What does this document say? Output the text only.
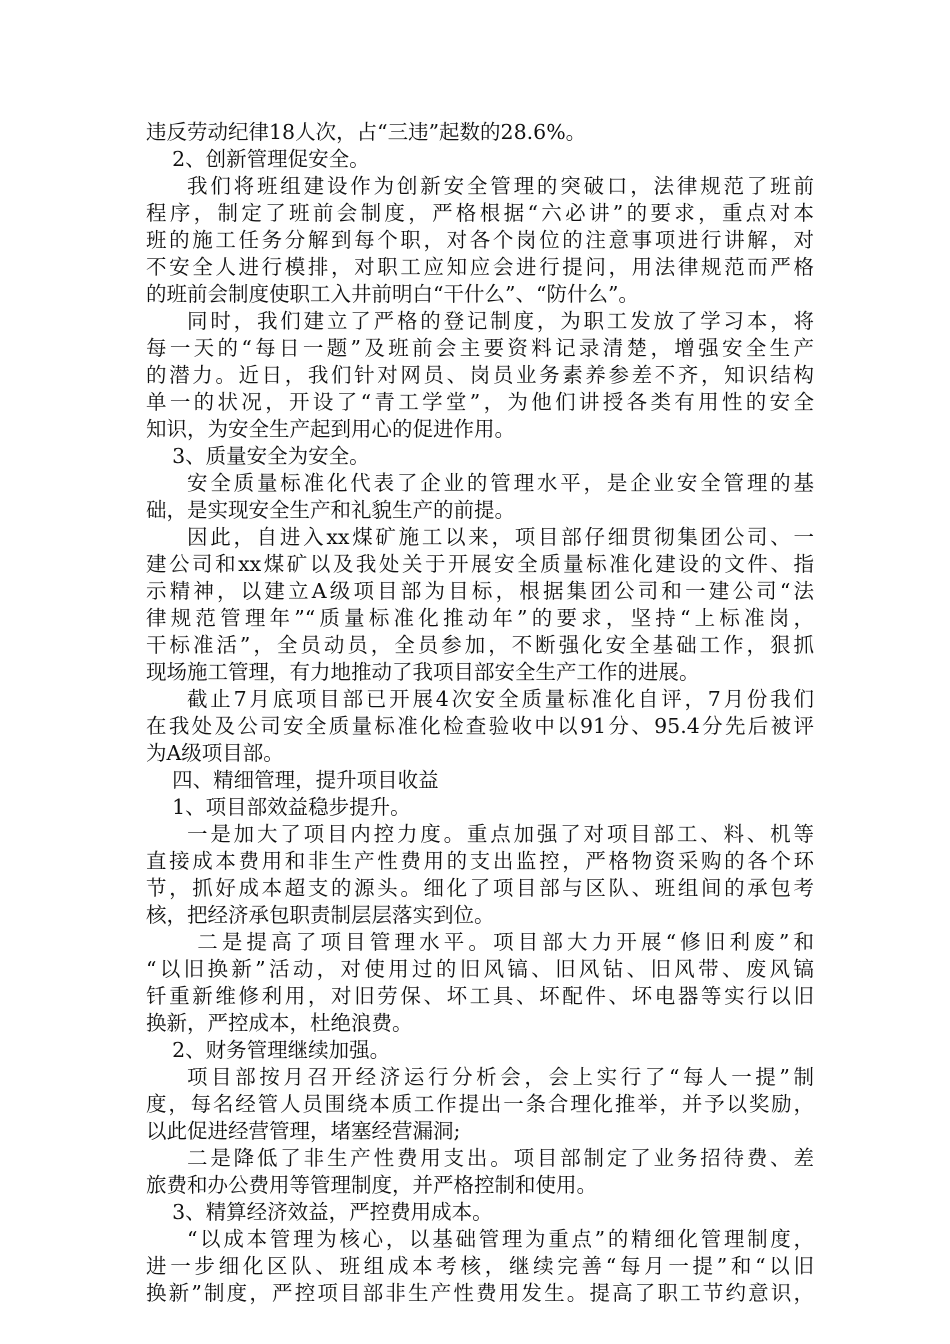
违反劳动纪律18人次，占“三违”起数的28.6%。
2、创新管理促安全。
我们将班组建设作为创新安全管理的突破口，法律规范了班前
程序，制定了班前会制度，严格根据“六必讲”的要求，重点对本
班的施工任务分解到每个职，对各个岗位的注意事项进行讲解，对
不安全人进行模排，对职工应知应会进行提问，用法律规范而严格
的班前会制度使职工入井前明白“干什么”、“防什么”。
同时，我们建立了严格的登记制度，为职工发放了学习本，将
每一天的“每日一题”及班前会主要资料记录清楚，增强安全生产
的潜力。近日，我们针对网员、岗员业务素养参差不齐，知识结构
单一的状况，开设了“青工学堂”，为他们讲授各类有用性的安全
知识，为安全生产起到用心的促进作用。
3、质量安全为安全。
安全质量标准化代表了企业的管理水平，是企业安全管理的基
础，是实现安全生产和礼貌生产的前提。
因此，自进入xx煤矿施工以来，项目部仔细贯彻集团公司、一
建公司和xx煤矿以及我处关于开展安全质量标准化建设的文件、指
示精神，以建立A级项目部为目标，根据集团公司和一建公司“法
律规范管理年”“质量标准化推动年”的要求，坚持“上标准岗，
干标准活”，全员动员，全员参加，不断强化安全基础工作，狠抓
现场施工管理，有力地推动了我项目部安全生产工作的进展。
截止7月底项目部已开展4次安全质量标准化自评，7月份我们
在我处及公司安全质量标准化检查验收中以91分、95.4分先后被评
为A级项目部。
四、精细管理，提升项目收益
1、项目部效益稳步提升。
一是加大了项目内控力度。重点加强了对项目部工、料、机等
直接成本费用和非生产性费用的支出监控，严格物资采购的各个环
节，抓好成本超支的源头。细化了项目部与区队、班组间的承包考
核，把经济承包职责制层层落实到位。
二是提高了项目管理水平。项目部大力开展“修旧利废”和
“以旧换新”活动，对使用过的旧风镐、旧风钻、旧风带、废风镐
钎重新维修利用，对旧劳保、坏工具、坏配件、坏电器等实行以旧
换新，严控成本，杜绝浪费。
2、财务管理继续加强。
项目部按月召开经济运行分析会，会上实行了“每人一提”制
度，每名经管人员围绕本质工作提出一条合理化推举，并予以奖励，
以此促进经营管理，堵塞经营漏洞;
二是降低了非生产性费用支出。项目部制定了业务招待费、差
旅费和办公费用等管理制度，并严格控制和使用。
3、精算经济效益，严控费用成本。
“以成本管理为核心，以基础管理为重点”的精细化管理制度，
进一步细化区队、班组成本考核，继续完善“每月一提”和“以旧
换新”制度，严控项目部非生产性费用发生。提高了职工节约意识，
